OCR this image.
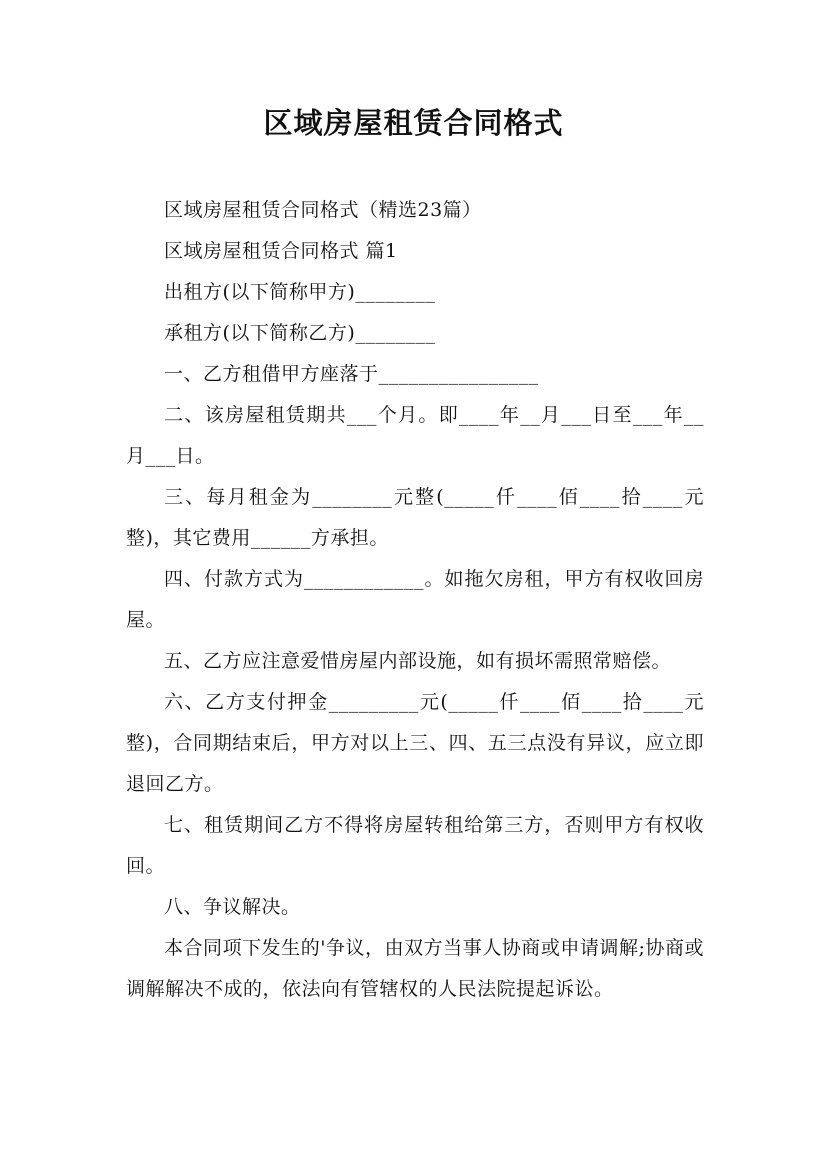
区域房屋租赁合同格式

区域房屋租赁合同格式（精选23篇）

区域房屋租赁合同格式 篇1

出租方(以下简称甲方)________

承租方(以下简称乙方)________

一、乙方租借甲方座落于________________

二、该房屋租赁期共___个月。即____年__月___日至___年__月___日。

三、每月租金为________元整(_____仟____佰____拾____元整)，其它费用______方承担。

四、付款方式为____________。如拖欠房租，甲方有权收回房屋。

五、乙方应注意爱惜房屋内部设施，如有损坏需照常赔偿。

六、乙方支付押金_________元(_____仟____佰____拾____元整)，合同期结束后，甲方对以上三、四、五三点没有异议，应立即退回乙方。

七、租赁期间乙方不得将房屋转租给第三方，否则甲方有权收回。

八、争议解决。

本合同项下发生的'争议，由双方当事人协商或申请调解;协商或调解解决不成的，依法向有管辖权的人民法院提起诉讼。
